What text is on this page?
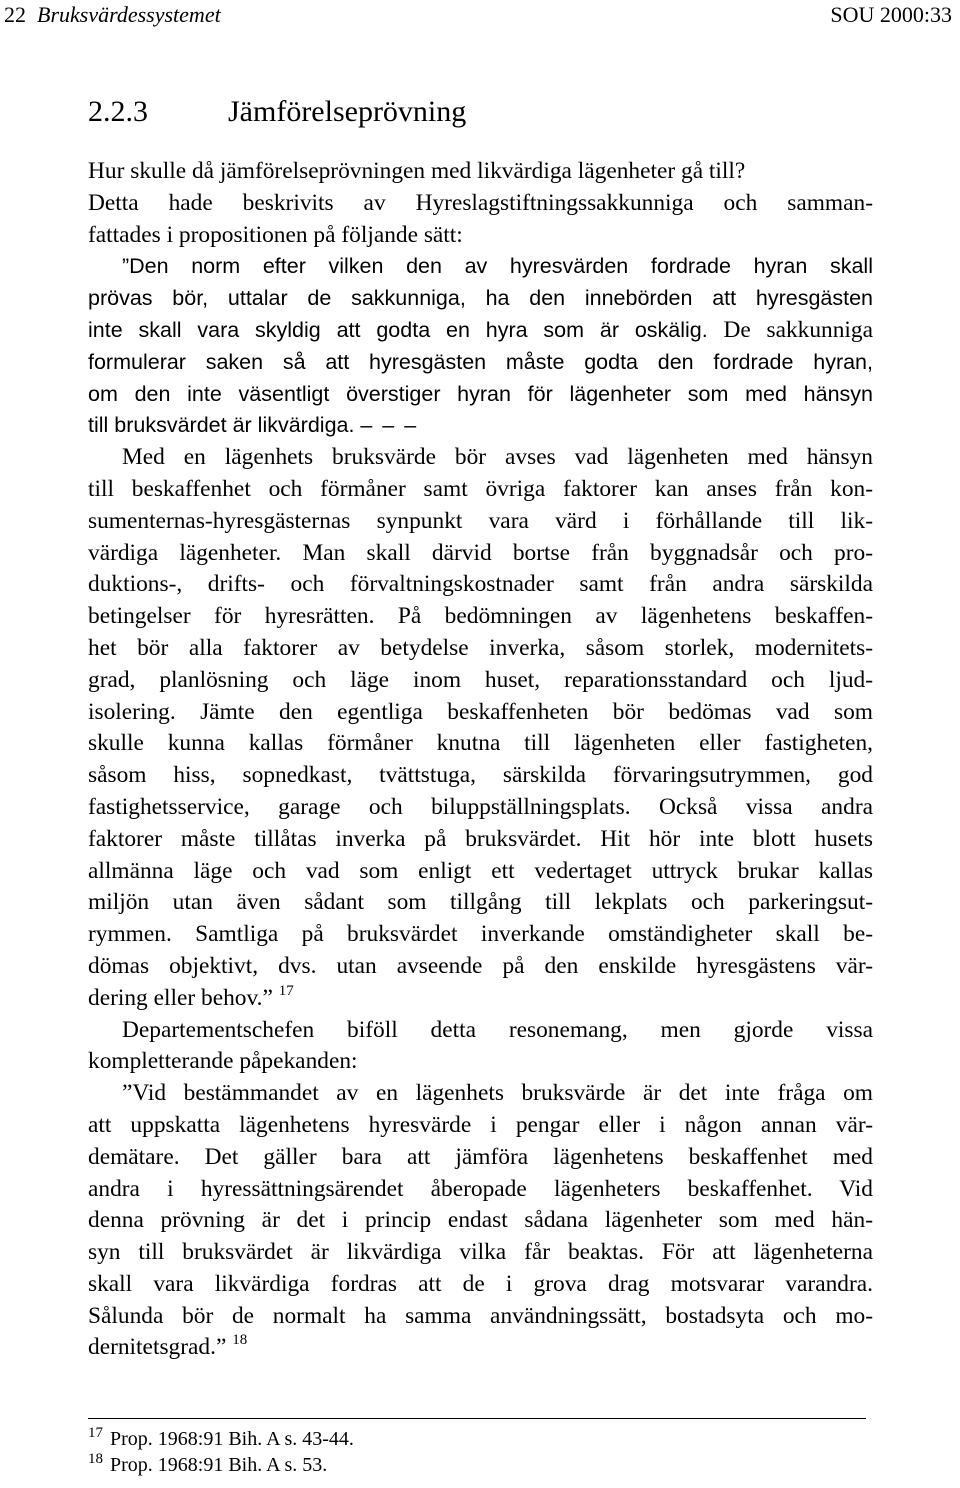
22 Bruksvärdessystemet	SOU 2000:33
2.2.3	Jämförelseprövning
Hur skulle då jämförelseprövningen med likvärdiga lägenheter gå till?
Detta hade beskrivits av Hyreslagstiftningssakkunniga och samman-
fattades i propositionen på följande sätt:
”Den norm efter vilken den av hyresvärden fordrade hyran skall
prövas bör, uttalar de sakkunniga, ha den innebörden att hyresgästen
inte skall vara skyldig att godta en hyra som är oskälig. De sakkunniga
formulerar saken så att hyresgästen måste godta den fordrade hyran,
om den inte väsentligt överstiger hyran för lägenheter som med hänsyn
till bruksvärdet är likvärdiga. – – –
Med en lägenhets bruksvärde bör avses vad lägenheten med hänsyn
till beskaffenhet och förmåner samt övriga faktorer kan anses från kon-
sumenternas-hyresgästernas synpunkt vara värd i förhållande till lik-
värdiga lägenheter. Man skall därvid bortse från byggnadsår och pro-
duktions-, drifts- och förvaltningskostnader samt från andra särskilda
betingelser för hyresrätten. På bedömningen av lägenhetens beskaffen-
het bör alla faktorer av betydelse inverka, såsom storlek, modernitets-
grad, planlösning och läge inom huset, reparationsstandard och ljud-
isolering. Jämte den egentliga beskaffenheten bör bedömas vad som
skulle kunna kallas förmåner knutna till lägenheten eller fastigheten,
såsom hiss, sopnedkast, tvättstuga, särskilda förvaringsutrymmen, god
fastighetsservice, garage och biluppställningsplats. Också vissa andra
faktorer måste tillåtas inverka på bruksvärdet. Hit hör inte blott husets
allmänna läge och vad som enligt ett vedertaget uttryck brukar kallas
miljön utan även sådant som tillgång till lekplats och parkeringsut-
rymmen. Samtliga på bruksvärdet inverkande omständigheter skall be-
dömas objektivt, dvs. utan avseende på den enskilde hyresgästens vär-
dering eller behov.” $^{17}$
Departementschefen biföll detta resonemang, men gjorde vissa
kompletterande påpekanden:
”Vid bestämmandet av en lägenhets bruksvärde är det inte fråga om
att uppskatta lägenhetens hyresvärde i pengar eller i någon annan vär-
demätare. Det gäller bara att jämföra lägenhetens beskaffenhet med
andra i hyressättningsärendet åberopade lägenheters beskaffenhet. Vid
denna prövning är det i princip endast sådana lägenheter som med hän-
syn till bruksvärdet är likvärdiga vilka får beaktas. För att lägenheterna
skall vara likvärdiga fordras att de i grova drag motsvarar varandra.
Sålunda bör de normalt ha samma användningssätt, bostadsyta och mo-
dernitetsgrad.” $^{18}$
17 Prop. 1968:91 Bih. A s. 43-44.
18 Prop. 1968:91 Bih. A s. 53.
